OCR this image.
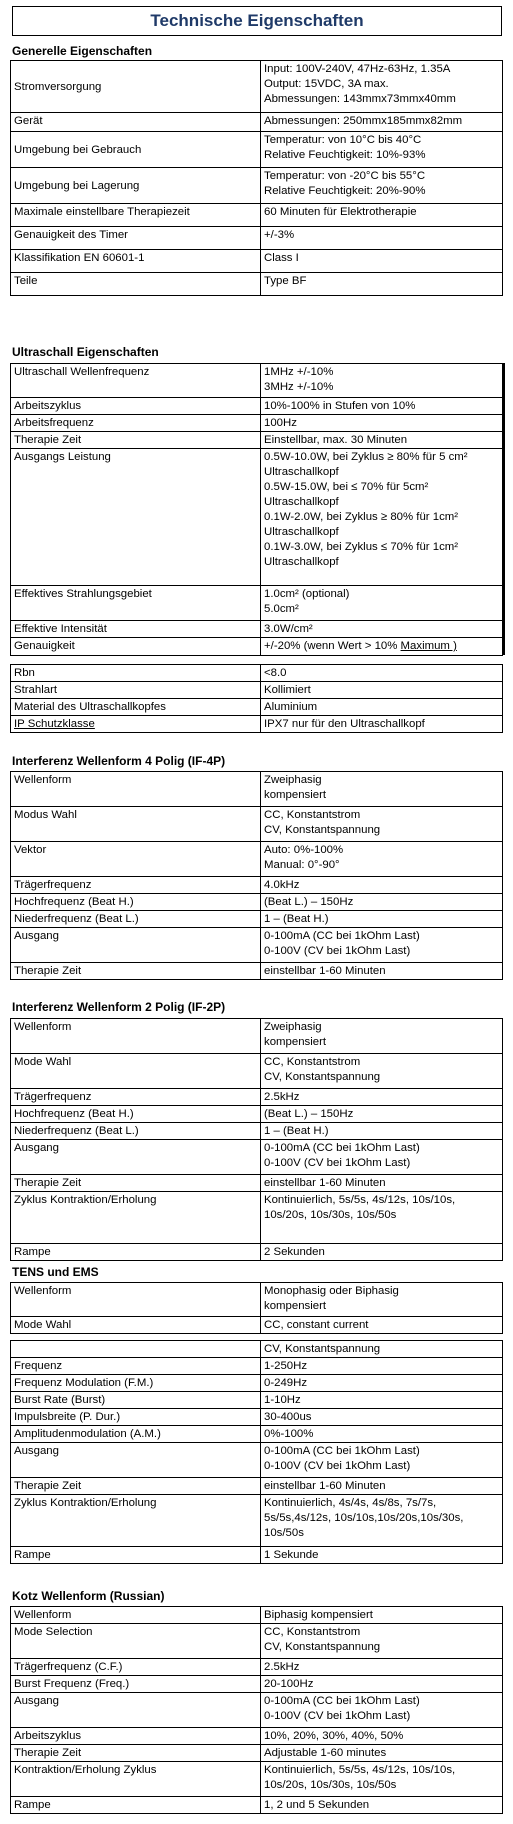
Technische Eigenschaften
Generelle Eigenschaften
Stromversorgung	Input: 100V-240V, 47Hz-63Hz, 1.35A
Output: 15VDC, 3A max.
Abmessungen: 143mmx73mmx40mm
Gerät	Abmessungen: 250mmx185mmx82mm
Umgebung bei Gebrauch	Temperatur: von 10°C bis 40°C
Relative Feuchtigkeit: 10%-93%
Umgebung bei Lagerung	Temperatur: von -20°C bis 55°C
Relative Feuchtigkeit: 20%-90%
Maximale einstellbare Therapiezeit	60 Minuten für Elektrotherapie
Genauigkeit des Timer	+/-3%
Klassifikation EN 60601-1	Class I
Teile	Type BF
Ultraschall Eigenschaften
Ultraschall Wellenfrequenz	1MHz +/-10%
3MHz +/-10%
Arbeitszyklus	10%-100% in Stufen von 10%
Arbeitsfrequenz	100Hz
Therapie Zeit	Einstellbar, max. 30 Minuten
Ausgangs Leistung	0.5W-10.0W, bei Zyklus ≥ 80% für 5 cm² Ultraschallkopf
0.5W-15.0W, bei ≤ 70% für 5cm² Ultraschallkopf
0.1W-2.0W, bei Zyklus ≥ 80% für 1cm² Ultraschallkopf
0.1W-3.0W, bei Zyklus ≤ 70% für 1cm² Ultraschallkopf
Effektives Strahlungsgebiet	1.0cm² (optional)
5.0cm²
Effektive Intensität	3.0W/cm²
Genauigkeit	+/-20% (wenn Wert > 10% Maximum )
Rbn	<8.0
Strahlart	Kollimiert
Material des Ultraschallkopfes	Aluminium
IP Schutzklasse	IPX7 nur für den Ultraschallkopf
Interferenz Wellenform 4 Polig (IF-4P)
Wellenform	Zweiphasig
kompensiert
Modus Wahl	CC, Konstantstrom
CV, Konstantspannung
Vektor	Auto: 0%-100%
Manual: 0°-90°
Trägerfrequenz	4.0kHz
Hochfrequenz (Beat H.)	(Beat L.) – 150Hz
Niederfrequenz (Beat L.)	1 – (Beat H.)
Ausgang	0-100mA (CC bei 1kOhm Last)
0-100V (CV bei 1kOhm Last)
Therapie Zeit	einstellbar 1-60 Minuten
Interferenz Wellenform 2 Polig (IF-2P)
Wellenform	Zweiphasig
kompensiert
Mode Wahl	CC, Konstantstrom
CV, Konstantspannung
Trägerfrequenz	2.5kHz
Hochfrequenz (Beat H.)	(Beat L.) – 150Hz
Niederfrequenz (Beat L.)	1 – (Beat H.)
Ausgang	0-100mA (CC bei 1kOhm Last)
0-100V (CV bei 1kOhm Last)
Therapie Zeit	einstellbar 1-60 Minuten
Zyklus Kontraktion/Erholung	Kontinuierlich, 5s/5s, 4s/12s, 10s/10s, 10s/20s, 10s/30s, 10s/50s
Rampe	2 Sekunden
TENS und EMS
Wellenform	Monophasig oder Biphasig
kompensiert
Mode Wahl	CC, constant current
	CV, Konstantspannung
Frequenz	1-250Hz
Frequenz Modulation (F.M.)	0-249Hz
Burst Rate (Burst)	1-10Hz
Impulsbreite (P. Dur.)	30-400us
Amplitudenmodulation (A.M.)	0%-100%
Ausgang	0-100mA (CC bei 1kOhm Last)
0-100V (CV bei 1kOhm Last)
Therapie Zeit	einstellbar 1-60 Minuten
Zyklus Kontraktion/Erholung	Kontinuierlich, 4s/4s, 4s/8s, 7s/7s, 5s/5s,4s/12s, 10s/10s,10s/20s,10s/30s, 10s/50s
Rampe	1 Sekunde
Kotz Wellenform (Russian)
Wellenform	Biphasig kompensiert
Mode Selection	CC, Konstantstrom
CV, Konstantspannung
Trägerfrequenz (C.F.)	2.5kHz
Burst Frequenz (Freq.)	20-100Hz
Ausgang	0-100mA (CC bei 1kOhm Last)
0-100V (CV bei 1kOhm Last)
Arbeitszyklus	10%, 20%, 30%, 40%, 50%
Therapie Zeit	Adjustable 1-60 minutes
Kontraktion/Erholung Zyklus	Kontinuierlich, 5s/5s, 4s/12s, 10s/10s, 10s/20s, 10s/30s, 10s/50s
Rampe	1, 2 und 5 Sekunden
